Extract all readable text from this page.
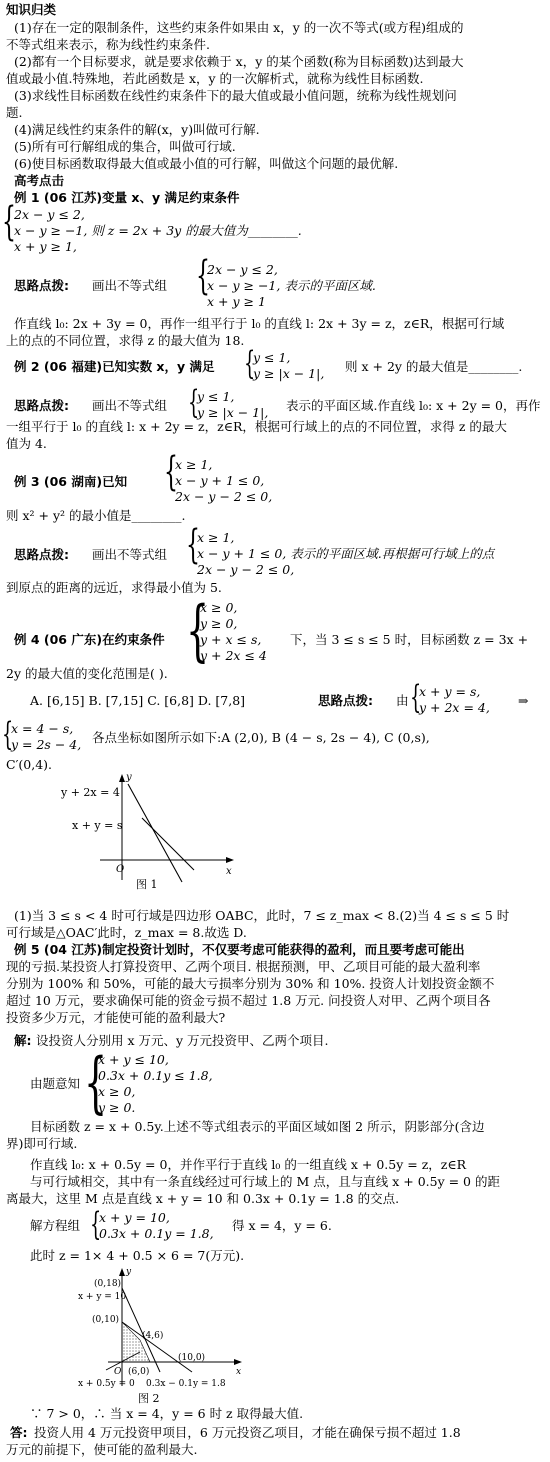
知识归类
(1)存在一定的限制条件，这些约束条件如果由 x，y 的一次不等式(或方程)组成的
不等式组来表示，称为线性约束条件.
(2)都有一个目标要求，就是要求依赖于 x，y 的某个函数(称为目标函数)达到最大
值或最小值.特殊地，若此函数是 x，y 的一次解析式，就称为线性目标函数.
(3)求线性目标函数在线性约束条件下的最大值或最小值问题，统称为线性规划问
题.
(4)满足线性约束条件的解(x，y)叫做可行解.
(5)所有可行解组成的集合，叫做可行域.
(6)使目标函数取得最大值或最小值的可行解，叫做这个问题的最优解.
高考点击
例 1 (06 江苏)变量 x、y 满足约束条件
{
2x − y ≤ 2,
x − y ≥ −1, 则 z = 2x + 3y 的最大值为________.
x + y ≥ 1,
思路点拨: 画出不等式组 {
2x − y ≤ 2,
x − y ≥ −1, 表示的平面区域.
x + y ≥ 1
作直线 l₀: 2x + 3y = 0，再作一组平行于 l₀ 的直线 l: 2x + 3y = z，z∈R，根据可行域
上的点的不同位置，求得 z 的最大值为 18.
例 2 (06 福建)已知实数 x，y 满足 {
y ≤ 1,
y ≥ |x − 1|, 则 x + 2y 的最大值是________.
思路点拨: 画出不等式组 {
y ≤ 1,
y ≥ |x − 1|, 表示的平面区域.作直线 l₀: x + 2y = 0，再作
一组平行于 l₀ 的直线 l: x + 2y = z，z∈R，根据可行域上的点的不同位置，求得 z 的最大
值为 4.
例 3 (06 湖南)已知 {
x ≥ 1,
x − y + 1 ≤ 0,
2x − y − 2 ≤ 0,
则 x² + y² 的最小值是________.
思路点拨: 画出不等式组 {
x ≥ 1,
x − y + 1 ≤ 0, 表示的平面区域.再根据可行域上的点
2x − y − 2 ≤ 0,
到原点的距离的远近，求得最小值为 5.
例 4 (06 广东)在约束条件 {
x ≥ 0,
y ≥ 0,
y + x ≤ s,
y + 2x ≤ 4
下，当 3 ≤ s ≤ 5 时，目标函数 z = 3x +
2y 的最大值的变化范围是( ).
A. [6,15] B. [7,15] C. [6,8] D. [7,8]	思路点拨: 由 {
x + y = s,
y + 2x = 4, ⇒
{
x = 4 − s,
y = 2s − 4, 各点坐标如图所示如下:A (2,0), B (4 − s, 2s − 4), C (0,s),
C′(0,4).
y + 2x = 4
x + y = s
O	x
y
图 1
(1)当 3 ≤ s < 4 时可行域是四边形 OABC，此时，7 ≤ z_max < 8.(2)当 4 ≤ s ≤ 5 时
可行域是△OAC′此时，z_max = 8.故选 D.
例 5 (04 江苏)制定投资计划时，不仅要考虑可能获得的盈利，而且要考虑可能出
现的亏损.某投资人打算投资甲、乙两个项目. 根据预测，甲、乙项目可能的最大盈利率
分别为 100% 和 50%，可能的最大亏损率分别为 30% 和 10%. 投资人计划投资金额不
超过 10 万元，要求确保可能的资金亏损不超过 1.8 万元. 问投资人对甲、乙两个项目各
投资多少万元，才能使可能的盈利最大?
解: 设投资人分别用 x 万元、y 万元投资甲、乙两个项目.
由题意知 {
x + y ≤ 10,
0.3x + 0.1y ≤ 1.8,
x ≥ 0,
y ≥ 0.
目标函数 z = x + 0.5y.上述不等式组表示的平面区域如图 2 所示，阴影部分(含边
界)即可行域.
作直线 l₀: x + 0.5y = 0，并作平行于直线 l₀ 的一组直线 x + 0.5y = z，z∈R
与可行域相交，其中有一条直线经过可行域上的 M 点，且与直线 x + 0.5y = 0 的距
离最大，这里 M 点是直线 x + y = 10 和 0.3x + 0.1y = 1.8 的交点.
解方程组 {
x + y = 10,
0.3x + 0.1y = 1.8,
得 x = 4，y = 6.
此时 z = 1× 4 + 0.5 × 6 = 7(万元).
(0,18)
x + y = 10
(0,10)
(4,6)
(10,0)
(6,0)
O
x + 0.5y = 0 0.3x − 0.1y = 1.8
x
y
图 2
∵ 7 > 0，∴ 当 x = 4，y = 6 时 z 取得最大值.
答: 投资人用 4 万元投资甲项目，6 万元投资乙项目，才能在确保亏损不超过 1.8
万元的前提下，使可能的盈利最大.
